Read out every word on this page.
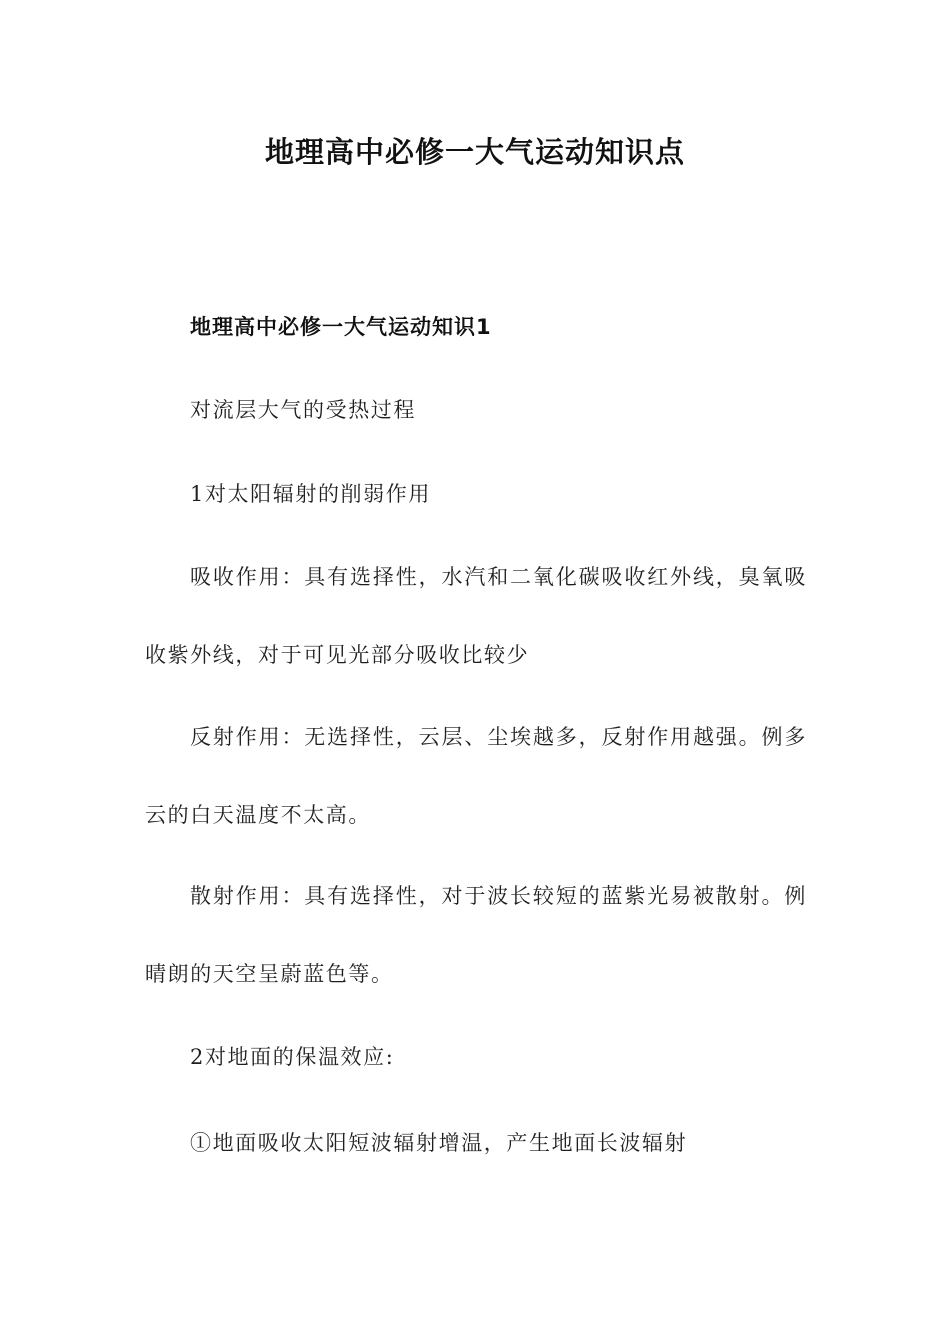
地理高中必修一大气运动知识点
地理高中必修一大气运动知识1

对流层大气的受热过程

1对太阳辐射的削弱作用

吸收作用：具有选择性，水汽和二氧化碳吸收红外线，臭氧吸收紫外线，对于可见光部分吸收比较少

反射作用：无选择性，云层、尘埃越多，反射作用越强。例多云的白天温度不太高。

散射作用：具有选择性，对于波长较短的蓝紫光易被散射。例晴朗的天空呈蔚蓝色等。

2对地面的保温效应:

①地面吸收太阳短波辐射增温，产生地面长波辐射
